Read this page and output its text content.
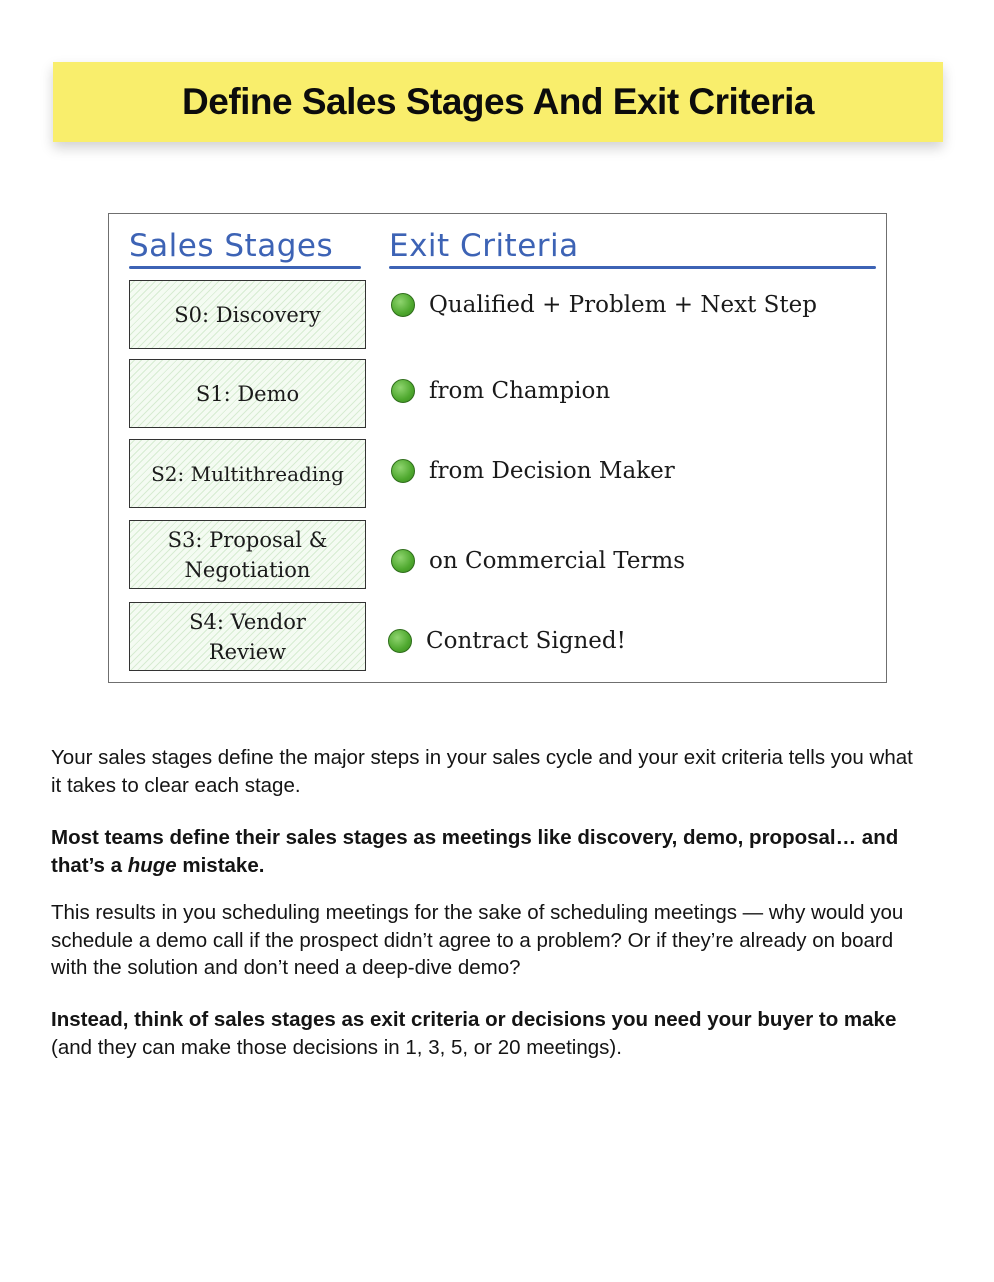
Define Sales Stages And Exit Criteria
Sales Stages Exit Criteria
S0: Discovery
S1: Demo
S2: Multithreading
S3: Proposal &
Negotiation
S4: Vendor
Review
Qualified + Problem + Next Step
from Champion
from Decision Maker
on Commercial Terms
Contract Signed!

Your sales stages define the major steps in your sales cycle and your exit criteria tells you what it takes to clear each stage.

Most teams define their sales stages as meetings like discovery, demo, proposal… and that’s a huge mistake.

This results in you scheduling meetings for the sake of scheduling meetings — why would you schedule a demo call if the prospect didn’t agree to a problem? Or if they’re already on board with the solution and don’t need a deep-dive demo?

Instead, think of sales stages as exit criteria or decisions you need your buyer to make (and they can make those decisions in 1, 3, 5, or 20 meetings).
